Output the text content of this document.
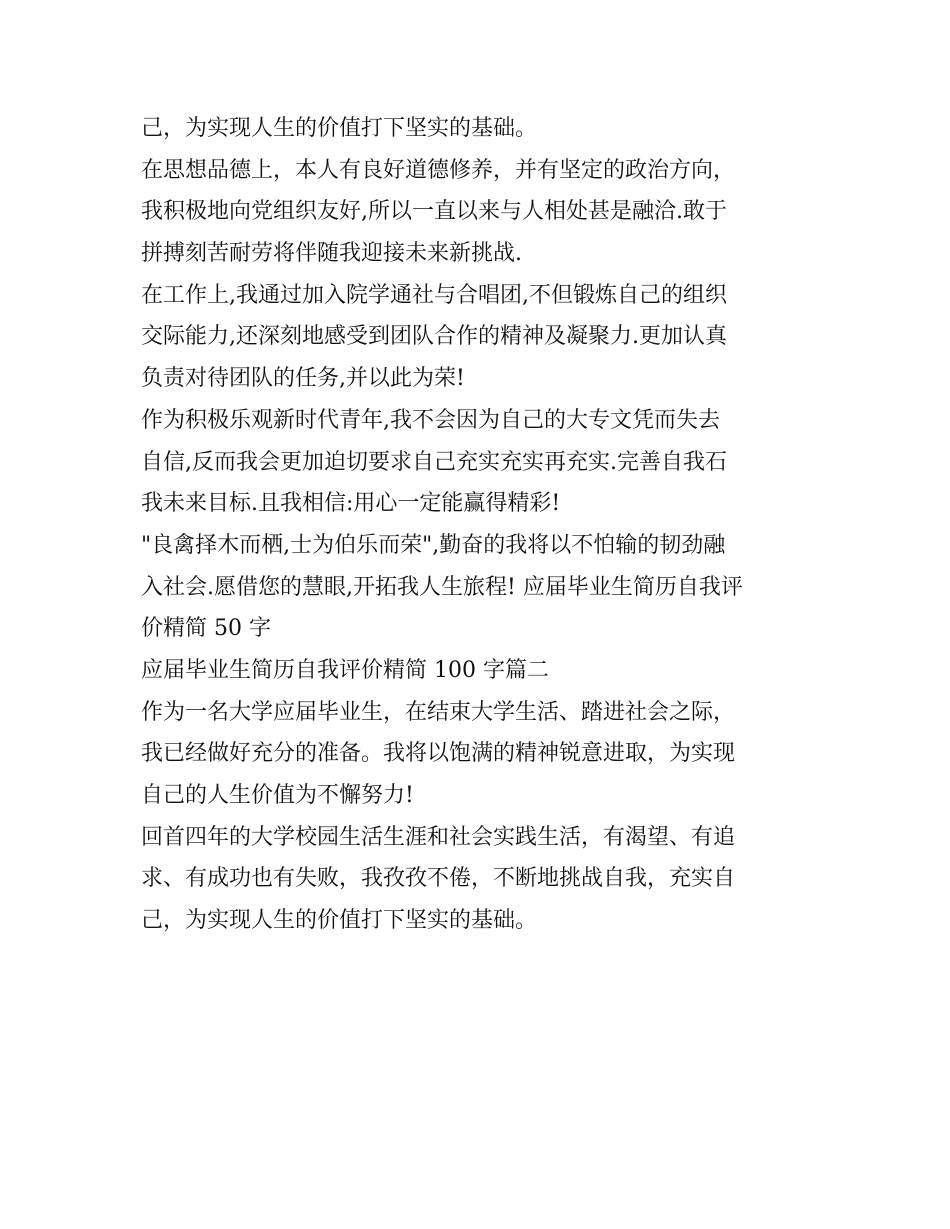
己，为实现人生的价值打下坚实的基础。
在思想品德上，本人有良好道德修养，并有坚定的政治方向，
我积极地向党组织友好,所以一直以来与人相处甚是融洽.敢于
拼搏刻苦耐劳将伴随我迎接未来新挑战.
在工作上,我通过加入院学通社与合唱团,不但锻炼自己的组织
交际能力,还深刻地感受到团队合作的精神及凝聚力.更加认真
负责对待团队的任务,并以此为荣!
作为积极乐观新时代青年,我不会因为自己的大专文凭而失去
自信,反而我会更加迫切要求自己充实充实再充实.完善自我石
我未来目标.且我相信:用心一定能赢得精彩!
"良禽择木而栖,士为伯乐而荣",勤奋的我将以不怕输的韧劲融
入社会.愿借您的慧眼,开拓我人生旅程! 应届毕业生简历自我评
价精简 50 字
应届毕业生简历自我评价精简 100 字篇二
作为一名大学应届毕业生，在结束大学生活、踏进社会之际，
我已经做好充分的准备。我将以饱满的精神锐意进取，为实现
自己的人生价值为不懈努力!
回首四年的大学校园生活生涯和社会实践生活，有渴望、有追
求、有成功也有失败，我孜孜不倦，不断地挑战自我，充实自
己，为实现人生的价值打下坚实的基础。
